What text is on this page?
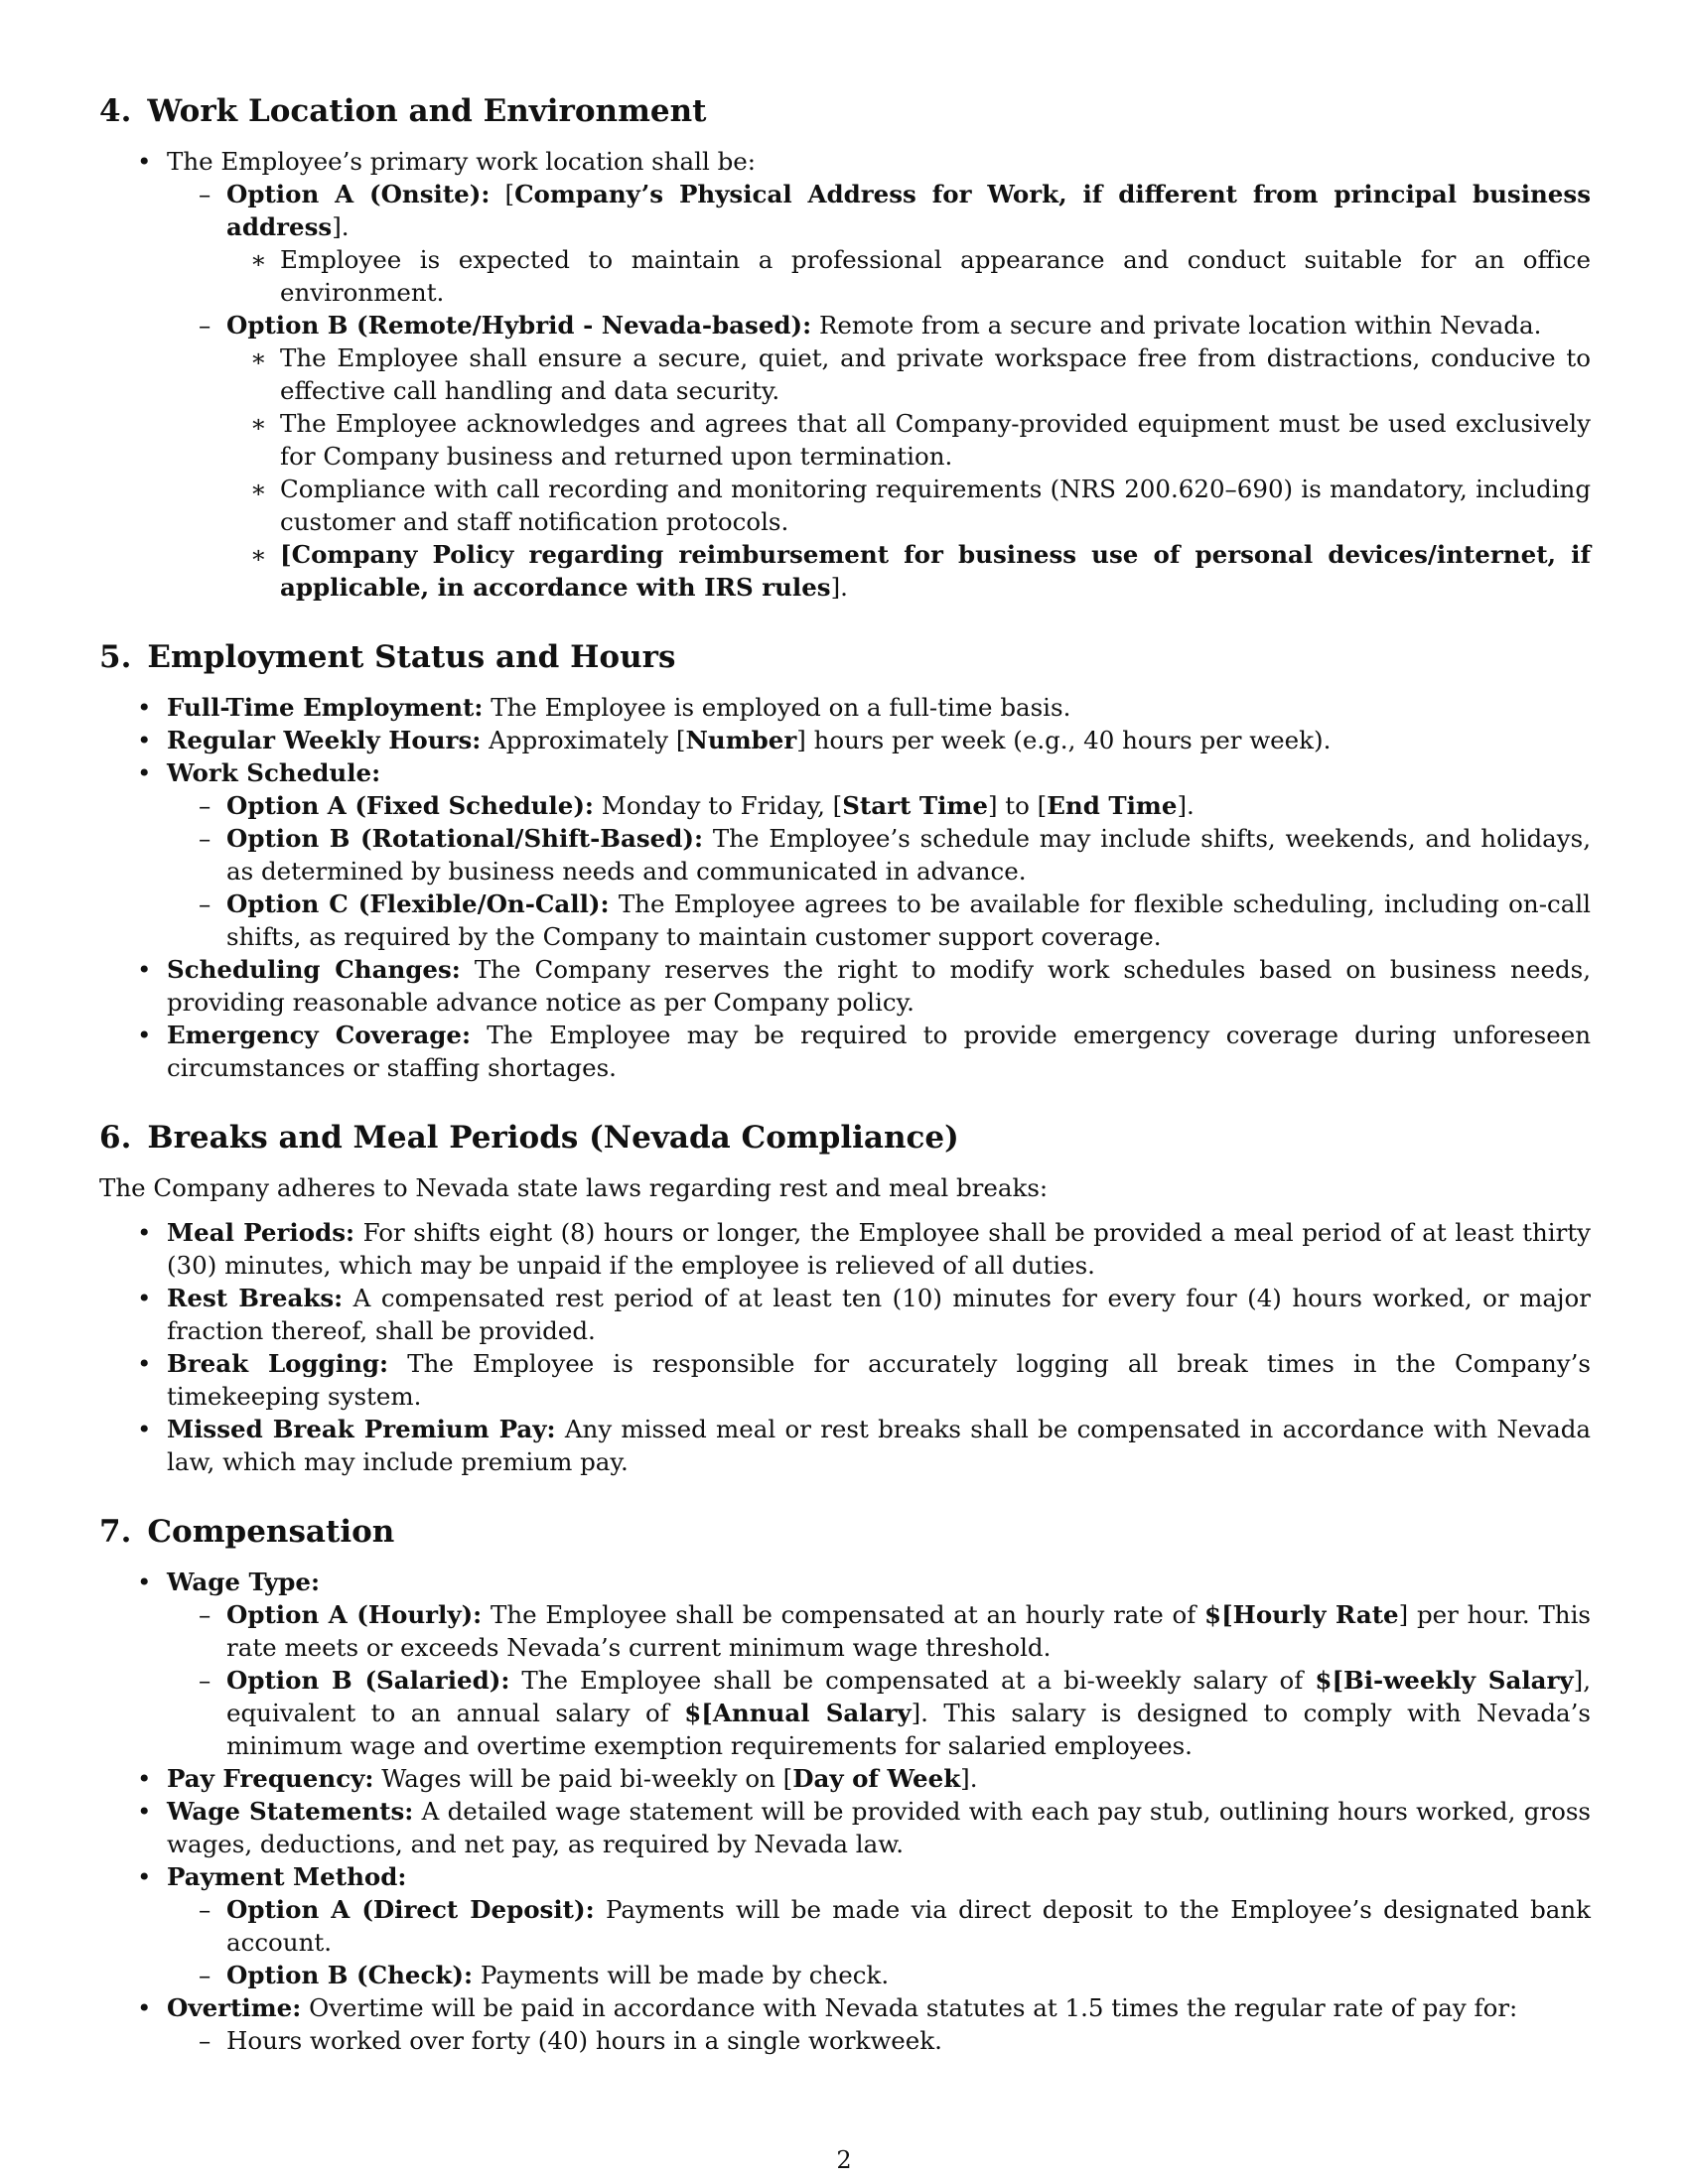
4. Work Location and Environment
• The Employee’s primary work location shall be:
– Option A (Onsite): [Company’s Physical Address for Work, if different from principal business address].
∗ Employee is expected to maintain a professional appearance and conduct suitable for an office environment.
– Option B (Remote/Hybrid - Nevada-based): Remote from a secure and private location within Nevada.
∗ The Employee shall ensure a secure, quiet, and private workspace free from distractions, conducive to effective call handling and data security.
∗ The Employee acknowledges and agrees that all Company-provided equipment must be used exclusively for Company business and returned upon termination.
∗ Compliance with call recording and monitoring requirements (NRS 200.620–690) is mandatory, including customer and staff notification protocols.
∗ [Company Policy regarding reimbursement for business use of personal devices/internet, if applicable, in accordance with IRS rules].
5. Employment Status and Hours
• Full-Time Employment: The Employee is employed on a full-time basis.
• Regular Weekly Hours: Approximately [Number] hours per week (e.g., 40 hours per week).
• Work Schedule:
– Option A (Fixed Schedule): Monday to Friday, [Start Time] to [End Time].
– Option B (Rotational/Shift-Based): The Employee’s schedule may include shifts, weekends, and holidays, as determined by business needs and communicated in advance.
– Option C (Flexible/On-Call): The Employee agrees to be available for flexible scheduling, including on-call shifts, as required by the Company to maintain customer support coverage.
• Scheduling Changes: The Company reserves the right to modify work schedules based on business needs, providing reasonable advance notice as per Company policy.
• Emergency Coverage: The Employee may be required to provide emergency coverage during unforeseen circumstances or staffing shortages.
6. Breaks and Meal Periods (Nevada Compliance)

The Company adheres to Nevada state laws regarding rest and meal breaks:

• Meal Periods: For shifts eight (8) hours or longer, the Employee shall be provided a meal period of at least thirty (30) minutes, which may be unpaid if the employee is relieved of all duties.
• Rest Breaks: A compensated rest period of at least ten (10) minutes for every four (4) hours worked, or major fraction thereof, shall be provided.
• Break Logging: The Employee is responsible for accurately logging all break times in the Company’s timekeeping system.
• Missed Break Premium Pay: Any missed meal or rest breaks shall be compensated in accordance with Nevada law, which may include premium pay.
7. Compensation
• Wage Type:
– Option A (Hourly): The Employee shall be compensated at an hourly rate of $[Hourly Rate] per hour. This rate meets or exceeds Nevada’s current minimum wage threshold.
– Option B (Salaried): The Employee shall be compensated at a bi-weekly salary of $[Bi-weekly Salary], equivalent to an annual salary of $[Annual Salary]. This salary is designed to comply with Nevada’s minimum wage and overtime exemption requirements for salaried employees.
• Pay Frequency: Wages will be paid bi-weekly on [Day of Week].
• Wage Statements: A detailed wage statement will be provided with each pay stub, outlining hours worked, gross wages, deductions, and net pay, as required by Nevada law.
• Payment Method:
– Option A (Direct Deposit): Payments will be made via direct deposit to the Employee’s designated bank account.
– Option B (Check): Payments will be made by check.
• Overtime: Overtime will be paid in accordance with Nevada statutes at 1.5 times the regular rate of pay for:
– Hours worked over forty (40) hours in a single workweek.
2
